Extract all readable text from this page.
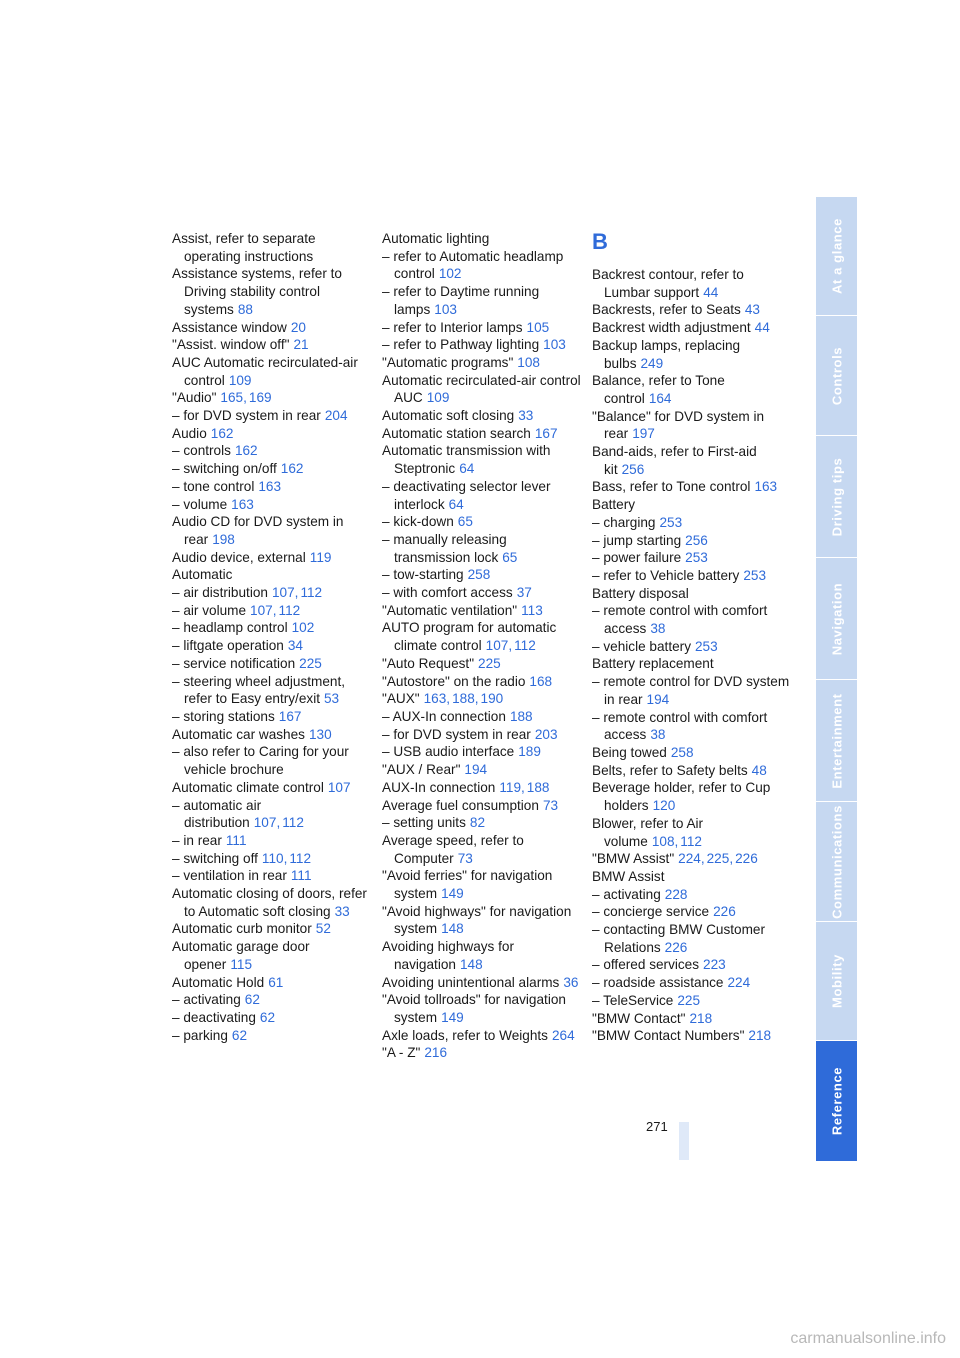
Assist, refer to separate operating instructions
Assistance systems, refer to Driving stability control systems 88
Assistance window 20
"Assist. window off" 21
AUC Automatic recirculated-air control 109
"Audio" 165, 169
– for DVD system in rear 204
Audio 162
– controls 162
– switching on/off 162
– tone control 163
– volume 163
Audio CD for DVD system in rear 198
Audio device, external 119
Automatic
– air distribution 107, 112
– air volume 107, 112
– headlamp control 102
– liftgate operation 34
– service notification 225
– steering wheel adjustment, refer to Easy entry/exit 53
– storing stations 167
Automatic car washes 130
– also refer to Caring for your vehicle brochure
Automatic climate control 107
– automatic air distribution 107, 112
– in rear 111
– switching off 110, 112
– ventilation in rear 111
Automatic closing of doors, refer to Automatic soft closing 33
Automatic curb monitor 52
Automatic garage door opener 115
Automatic Hold 61
– activating 62
– deactivating 62
– parking 62
Automatic lighting
– refer to Automatic headlamp control 102
– refer to Daytime running lamps 103
– refer to Interior lamps 105
– refer to Pathway lighting 103
"Automatic programs" 108
Automatic recirculated-air control AUC 109
Automatic soft closing 33
Automatic station search 167
Automatic transmission with Steptronic 64
– deactivating selector lever interlock 64
– kick-down 65
– manually releasing transmission lock 65
– tow-starting 258
– with comfort access 37
"Automatic ventilation" 113
AUTO program for automatic climate control 107, 112
"Auto Request" 225
"Autostore" on the radio 168
"AUX" 163, 188, 190
– AUX-In connection 188
– for DVD system in rear 203
– USB audio interface 189
"AUX / Rear" 194
AUX-In connection 119, 188
Average fuel consumption 73
– setting units 82
Average speed, refer to Computer 73
"Avoid ferries" for navigation system 149
"Avoid highways" for navigation system 148
Avoiding highways for navigation 148
Avoiding unintentional alarms 36
"Avoid tollroads" for navigation system 149
Axle loads, refer to Weights 264
"A - Z" 216
B
Backrest contour, refer to Lumbar support 44
Backrests, refer to Seats 43
Backrest width adjustment 44
Backup lamps, replacing bulbs 249
Balance, refer to Tone control 164
"Balance" for DVD system in rear 197
Band-aids, refer to First-aid kit 256
Bass, refer to Tone control 163
Battery
– charging 253
– jump starting 256
– power failure 253
– refer to Vehicle battery 253
Battery disposal
– remote control with comfort access 38
– vehicle battery 253
Battery replacement
– remote control for DVD system in rear 194
– remote control with comfort access 38
Being towed 258
Belts, refer to Safety belts 48
Beverage holder, refer to Cup holders 120
Blower, refer to Air volume 108, 112
"BMW Assist" 224, 225, 226
BMW Assist
– activating 228
– concierge service 226
– contacting BMW Customer Relations 226
– offered services 223
– roadside assistance 224
– TeleService 225
"BMW Contact" 218
"BMW Contact Numbers" 218
271
At a glance
Controls
Driving tips
Navigation
Entertainment
Communications
Mobility
Reference
carmanualsonline.info
